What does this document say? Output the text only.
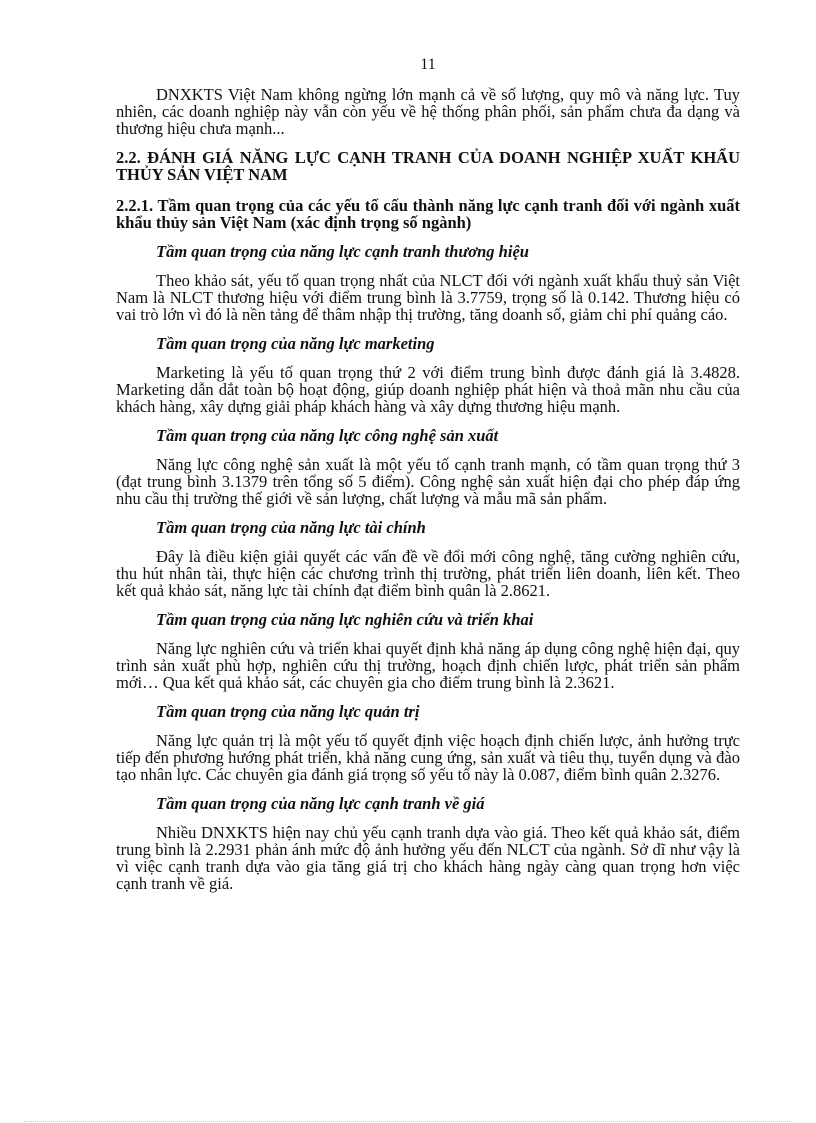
11

DNXKTS Việt Nam không ngừng lớn mạnh cả về số lượng, quy mô và năng lực. Tuy nhiên, các doanh nghiệp này vẫn còn yếu về hệ thống phân phối, sản phẩm chưa đa dạng và thương hiệu chưa mạnh...

2.2. ĐÁNH GIÁ NĂNG LỰC CẠNH TRANH CỦA DOANH NGHIỆP XUẤT KHẨU THỦY SẢN VIỆT NAM
2.2.1. Tầm quan trọng của các yếu tố cấu thành năng lực cạnh tranh đối với ngành xuất khẩu thủy sản Việt Nam (xác định trọng số ngành)
Tầm quan trọng của năng lực cạnh tranh thương hiệu

Theo khảo sát, yếu tố quan trọng nhất của NLCT đối với ngành xuất khẩu thuỷ sản Việt Nam là NLCT thương hiệu với điểm trung bình là 3.7759, trọng số là 0.142. Thương hiệu có vai trò lớn vì đó là nền tảng để thâm nhập thị trường, tăng doanh số, giảm chi phí quảng cáo.

Tầm quan trọng của năng lực marketing

Marketing là yếu tố quan trọng thứ 2 với điểm trung bình được đánh giá là 3.4828. Marketing dẫn dắt toàn bộ hoạt động, giúp doanh nghiệp phát hiện và thoả mãn nhu cầu của khách hàng, xây dựng giải pháp khách hàng và xây dựng thương hiệu mạnh.

Tầm quan trọng của năng lực công nghệ sản xuất

Năng lực công nghệ sản xuất là một yếu tố cạnh tranh mạnh, có tầm quan trọng thứ 3 (đạt trung bình 3.1379 trên tổng số 5 điểm). Công nghệ sản xuất hiện đại cho phép đáp ứng nhu cầu thị trường thế giới về sản lượng, chất lượng và mẫu mã sản phẩm.

Tầm quan trọng của năng lực tài chính

Đây là điều kiện giải quyết các vấn đề về đổi mới công nghệ, tăng cường nghiên cứu, thu hút nhân tài, thực hiện các chương trình thị trường, phát triển liên doanh, liên kết. Theo kết quả khảo sát, năng lực tài chính đạt điểm bình quân là 2.8621.

Tầm quan trọng của năng lực nghiên cứu và triển khai

Năng lực nghiên cứu và triển khai quyết định khả năng áp dụng công nghệ hiện đại, quy trình sản xuất phù hợp, nghiên cứu thị trường, hoạch định chiến lược, phát triển sản phẩm mới… Qua kết quả khảo sát, các chuyên gia cho điểm trung bình là 2.3621.

Tầm quan trọng của năng lực quản trị

Năng lực quản trị là một yếu tố quyết định việc hoạch định chiến lược, ảnh hưởng trực tiếp đến phương hướng phát triển, khả năng cung ứng, sản xuất và tiêu thụ, tuyển dụng và đào tạo nhân lực. Các chuyên gia đánh giá trọng số yếu tố này là 0.087, điểm bình quân 2.3276.

Tầm quan trọng của năng lực cạnh tranh về giá

Nhiều DNXKTS hiện nay chủ yếu cạnh tranh dựa vào giá. Theo kết quả khảo sát, điểm trung bình là 2.2931 phản ánh mức độ ảnh hưởng yếu đến NLCT của ngành. Sở dĩ như vậy là vì việc cạnh tranh dựa vào gia tăng giá trị cho khách hàng ngày càng quan trọng hơn việc cạnh tranh về giá.
